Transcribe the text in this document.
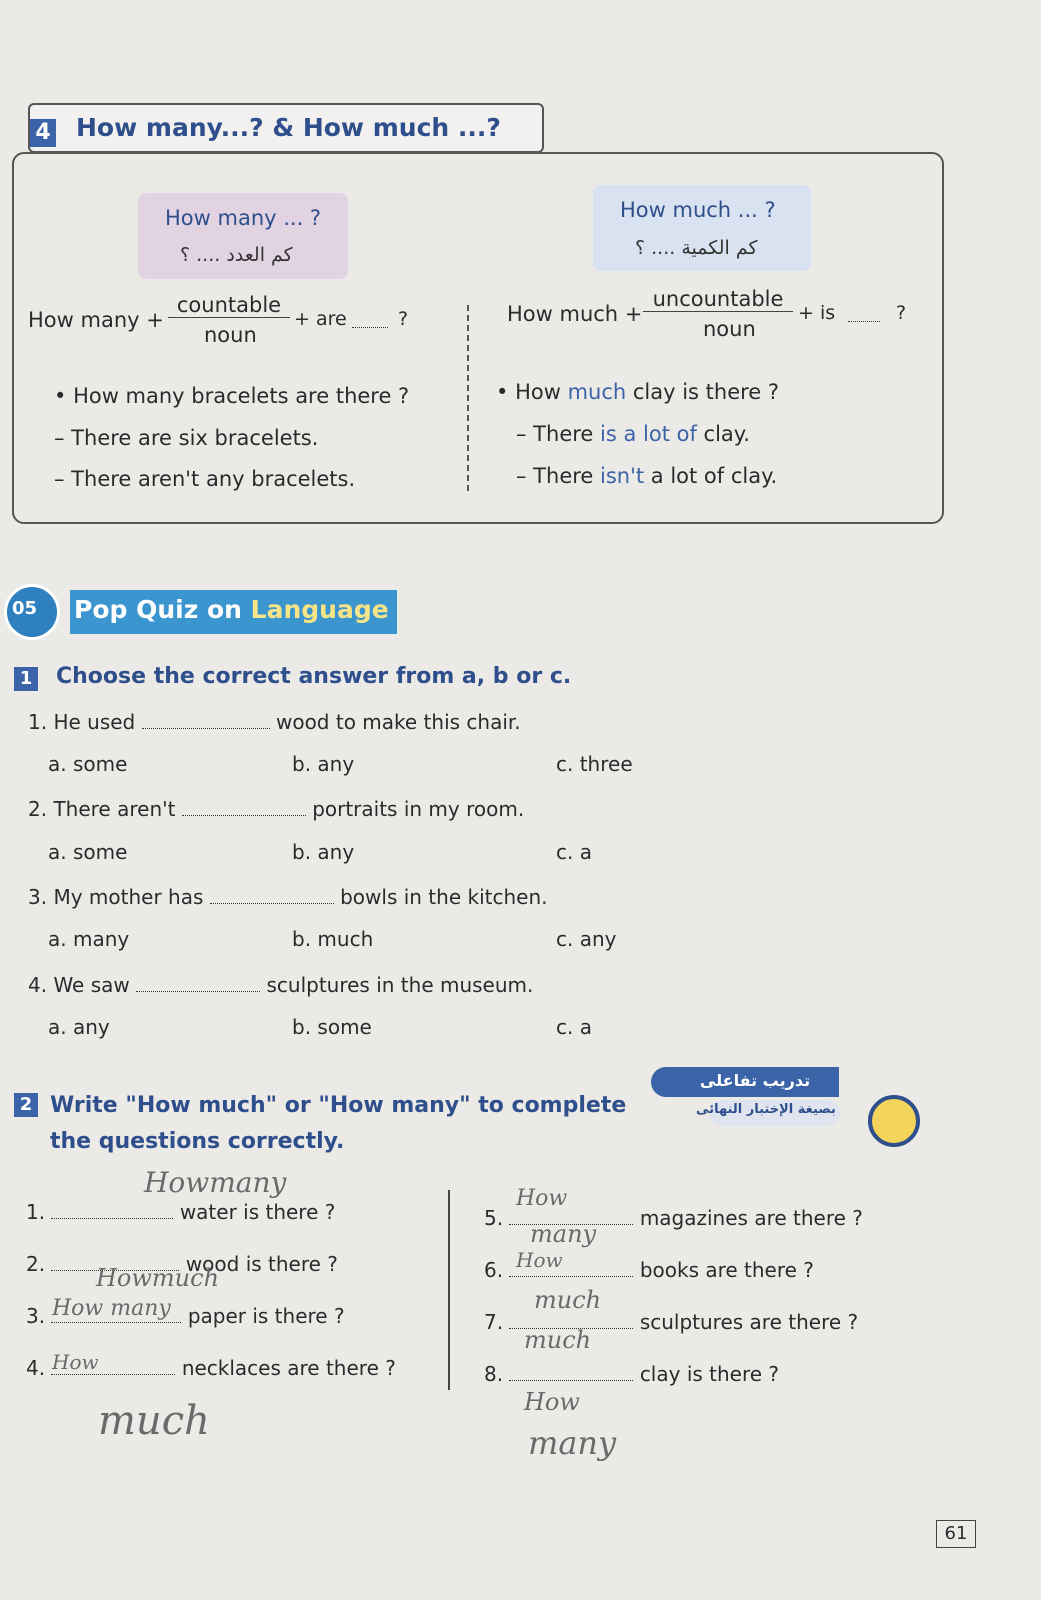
4 How many...? & How much ...?
How many ... ?
كم العدد .... ؟
How much ... ?
كم الكمية .... ؟
How many +
countable
noun
+ are	?	How much +
uncountable
noun
+ is	?
• How many bracelets are there ?
– There are six bracelets.
– There aren't any bracelets.
• How much clay is there ?
– There is a lot of clay.
– There isn't a lot of clay.
05 Pop Quiz on Language
1 Choose the correct answer from a, b or c.
1. He used	wood to make this chair.
a. some	b. any	c. three
2. There aren't	portraits in my room.
a. some	b. any	c. a
3. My mother has	bowls in the kitchen.
a. many	b. much	c. any
4. We saw	sculptures in the museum.
a. any	b. some	c. a
2 Write "How much" or "How many" to complete
the questions correctly.
تدريب تفاعلى
بصيغة الإختبار النهائى
1.	water is there ?
Howmany
2.	wood is there ?
Howmuch
3.	paper is there ?
How many
4.	necklaces are there ?
How
much
5.	magazines are there ?
How
many
6.	books are there ?
How
much
7.	sculptures are there ?
much
8.	clay is there ?
How
many
61
